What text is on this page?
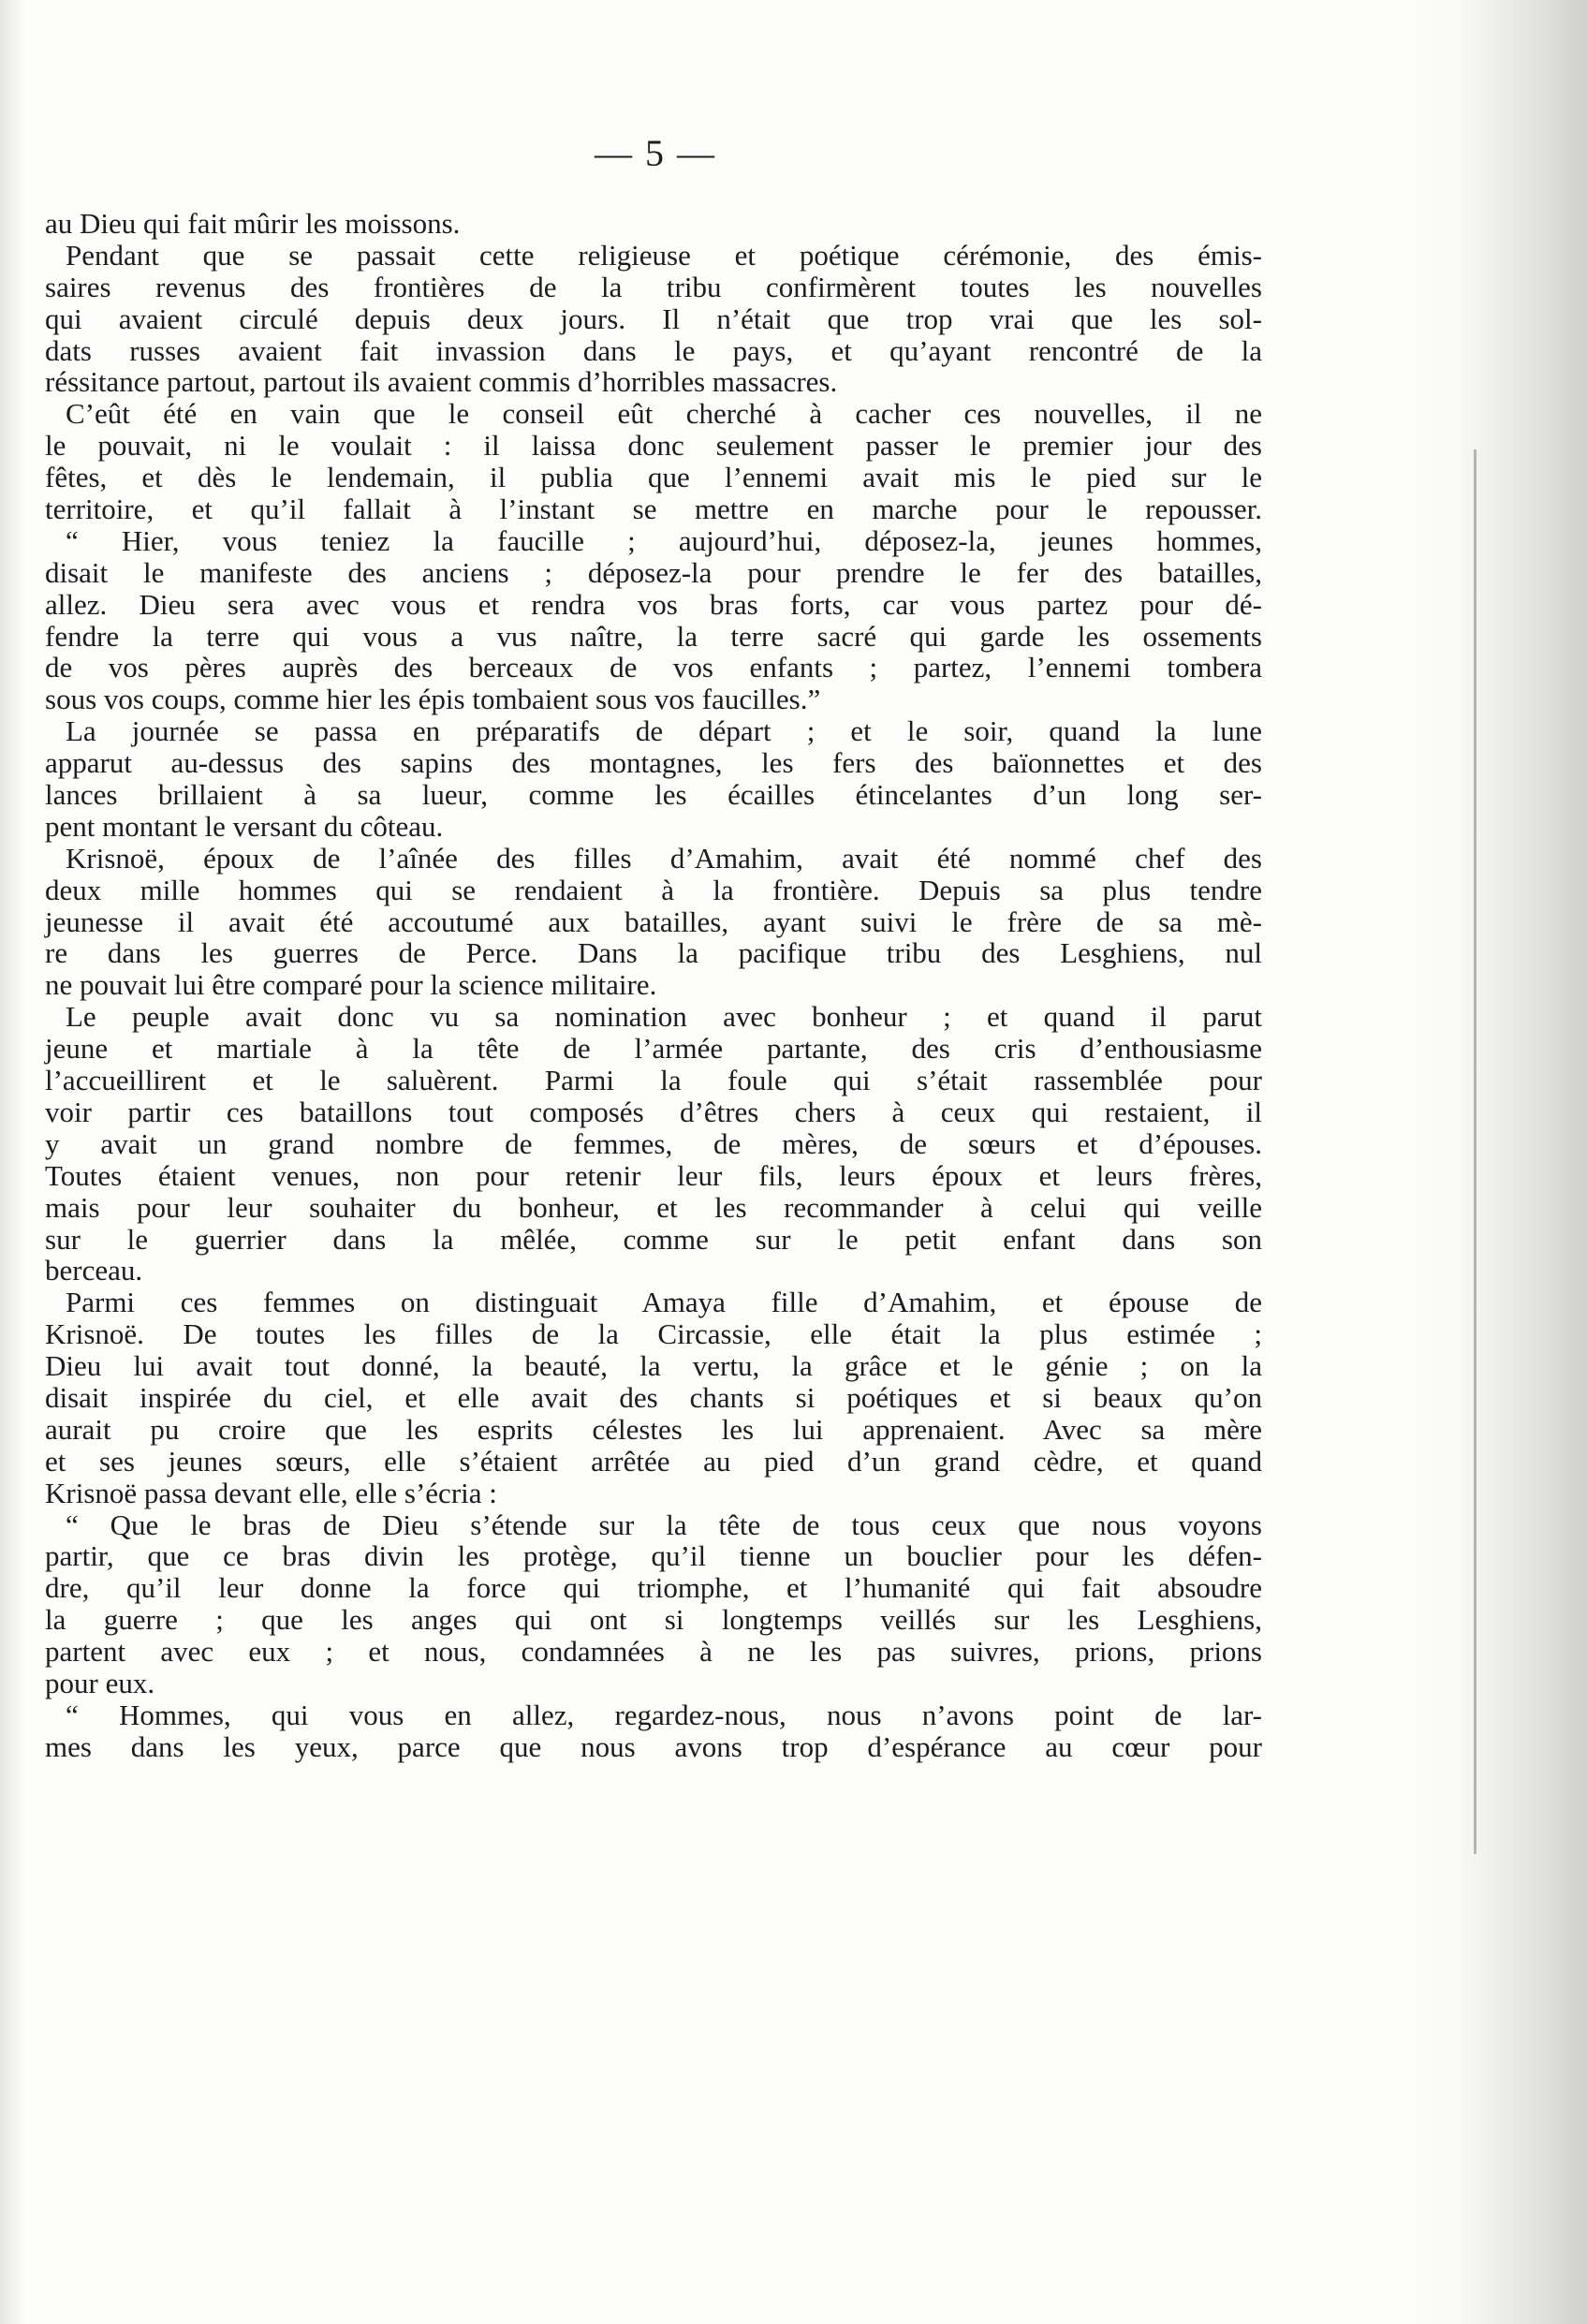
— 5 —
au Dieu qui fait mûrir les moissons.
Pendant que se passait cette religieuse et poétique cérémonie, des émis-
saires revenus des frontières de la tribu confirmèrent toutes les nouvelles
qui avaient circulé depuis deux jours. Il n’était que trop vrai que les sol-
dats russes avaient fait invassion dans le pays, et qu’ayant rencontré de la
réssitance partout, partout ils avaient commis d’horribles massacres.
C’eût été en vain que le conseil eût cherché à cacher ces nouvelles, il ne
le pouvait, ni le voulait : il laissa donc seulement passer le premier jour des
fêtes, et dès le lendemain, il publia que l’ennemi avait mis le pied sur le
territoire, et qu’il fallait à l’instant se mettre en marche pour le repousser.
“ Hier, vous teniez la faucille ; aujourd’hui, déposez-la, jeunes hommes,
disait le manifeste des anciens ; déposez-la pour prendre le fer des batailles,
allez. Dieu sera avec vous et rendra vos bras forts, car vous partez pour dé-
fendre la terre qui vous a vus naître, la terre sacré qui garde les ossements
de vos pères auprès des berceaux de vos enfants ; partez, l’ennemi tombera
sous vos coups, comme hier les épis tombaient sous vos faucilles.”
La journée se passa en préparatifs de départ ; et le soir, quand la lune
apparut au-dessus des sapins des montagnes, les fers des baïonnettes et des
lances brillaient à sa lueur, comme les écailles étincelantes d’un long ser-
pent montant le versant du côteau.
Krisnoë, époux de l’aînée des filles d’Amahim, avait été nommé chef des
deux mille hommes qui se rendaient à la frontière. Depuis sa plus tendre
jeunesse il avait été accoutumé aux batailles, ayant suivi le frère de sa mè-
re dans les guerres de Perce. Dans la pacifique tribu des Lesghiens, nul
ne pouvait lui être comparé pour la science militaire.
Le peuple avait donc vu sa nomination avec bonheur ; et quand il parut
jeune et martiale à la tête de l’armée partante, des cris d’enthousiasme
l’accueillirent et le saluèrent. Parmi la foule qui s’était rassemblée pour
voir partir ces bataillons tout composés d’êtres chers à ceux qui restaient, il
y avait un grand nombre de femmes, de mères, de sœurs et d’épouses.
Toutes étaient venues, non pour retenir leur fils, leurs époux et leurs frères,
mais pour leur souhaiter du bonheur, et les recommander à celui qui veille
sur le guerrier dans la mêlée, comme sur le petit enfant dans son
berceau.
Parmi ces femmes on distinguait Amaya fille d’Amahim, et épouse de
Krisnoë. De toutes les filles de la Circassie, elle était la plus estimée ;
Dieu lui avait tout donné, la beauté, la vertu, la grâce et le génie ; on la
disait inspirée du ciel, et elle avait des chants si poétiques et si beaux qu’on
aurait pu croire que les esprits célestes les lui apprenaient. Avec sa mère
et ses jeunes sœurs, elle s’étaient arrêtée au pied d’un grand cèdre, et quand
Krisnoë passa devant elle, elle s’écria :
“ Que le bras de Dieu s’étende sur la tête de tous ceux que nous voyons
partir, que ce bras divin les protège, qu’il tienne un bouclier pour les défen-
dre, qu’il leur donne la force qui triomphe, et l’humanité qui fait absoudre
la guerre ; que les anges qui ont si longtemps veillés sur les Lesghiens,
partent avec eux ; et nous, condamnées à ne les pas suivres, prions, prions
pour eux.
“ Hommes, qui vous en allez, regardez-nous, nous n’avons point de lar-
mes dans les yeux, parce que nous avons trop d’espérance au cœur pour
